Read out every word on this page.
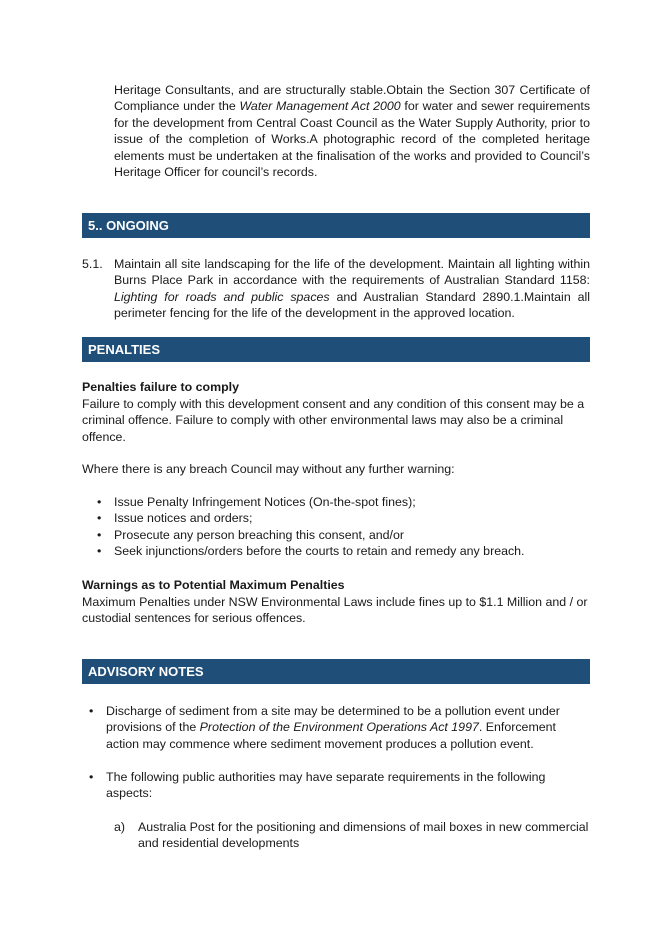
Heritage Consultants, and are structurally stable.Obtain the Section 307 Certificate of Compliance under the Water Management Act 2000 for water and sewer requirements for the development from Central Coast Council as the Water Supply Authority, prior to issue of the completion of Works.A photographic record of the completed heritage elements must be undertaken at the finalisation of the works and provided to Council’s Heritage Officer for council’s records.
5.. ONGOING
5.1. Maintain all site landscaping for the life of the development. Maintain all lighting within Burns Place Park in accordance with the requirements of Australian Standard 1158: Lighting for roads and public spaces and Australian Standard 2890.1.Maintain all perimeter fencing for the life of the development in the approved location.
PENALTIES
Penalties failure to comply
Failure to comply with this development consent and any condition of this consent may be a criminal offence. Failure to comply with other environmental laws may also be a criminal offence.
Where there is any breach Council may without any further warning:
• Issue Penalty Infringement Notices (On-the-spot fines);
• Issue notices and orders;
• Prosecute any person breaching this consent, and/or
• Seek injunctions/orders before the courts to retain and remedy any breach.
Warnings as to Potential Maximum Penalties
Maximum Penalties under NSW Environmental Laws include fines up to $1.1 Million and / or custodial sentences for serious offences.
ADVISORY NOTES
• Discharge of sediment from a site may be determined to be a pollution event under provisions of the Protection of the Environment Operations Act 1997. Enforcement action may commence where sediment movement produces a pollution event.
• The following public authorities may have separate requirements in the following aspects:
a) Australia Post for the positioning and dimensions of mail boxes in new commercial and residential developments
